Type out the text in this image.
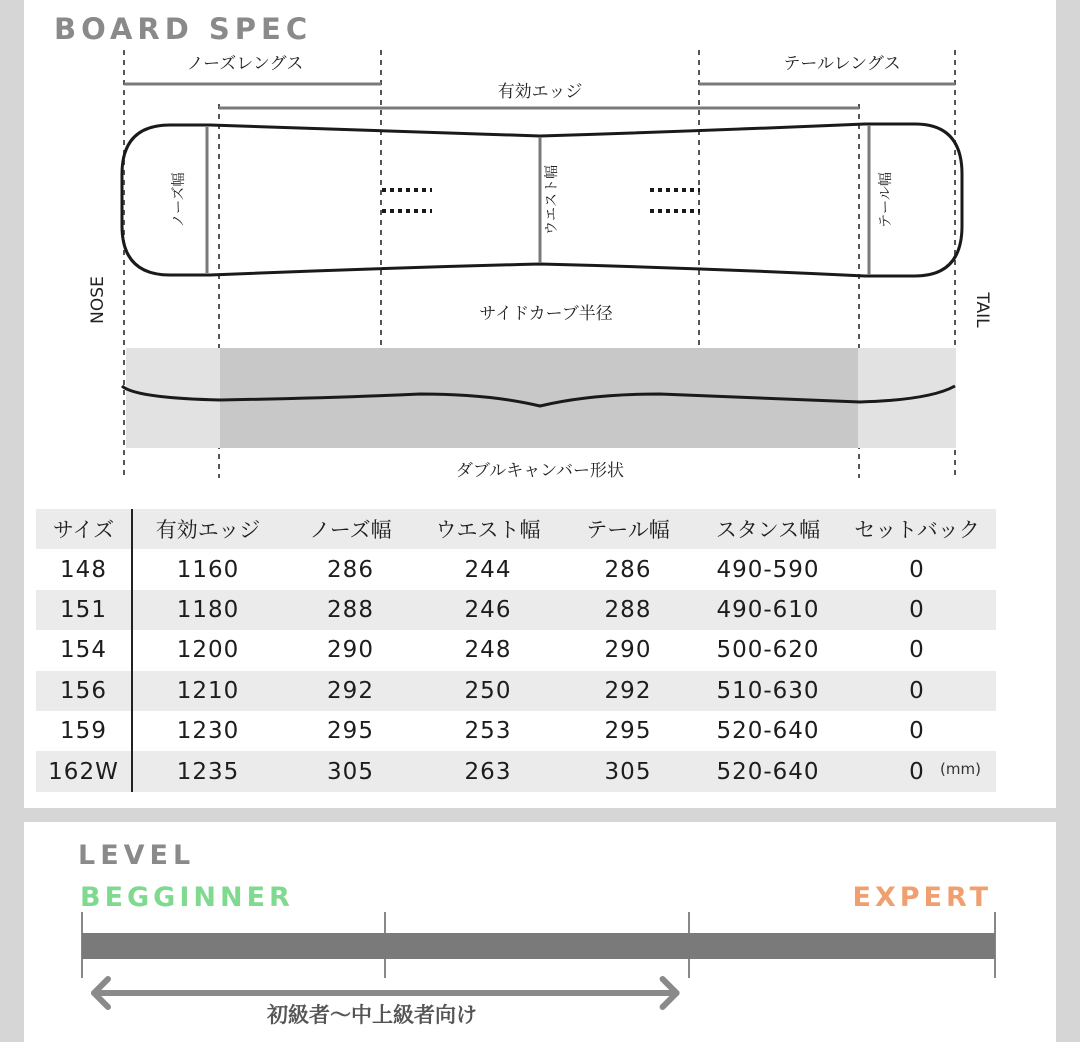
BOARD SPEC
ノーズレングス	テールレングス
有効エッジ
ノーズ幅	ウエスト幅	テール幅
NOSE	TAIL
サイドカーブ半径
ダブルキャンバー形状
サイズ	有効エッジ	ノーズ幅	ウエスト幅	テール幅	スタンス幅	セットバック
148	1160	286	244	286	490-590	0
151	1180	288	246	288	490-610	0
154	1200	290	248	290	500-620	0
156	1210	292	250	292	510-630	0
159	1230	295	253	295	520-640	0
162W	1235	305	263	305	520-640	0 (mm)
LEVEL
BEGGINNER	EXPERT
初級者～中上級者向け
